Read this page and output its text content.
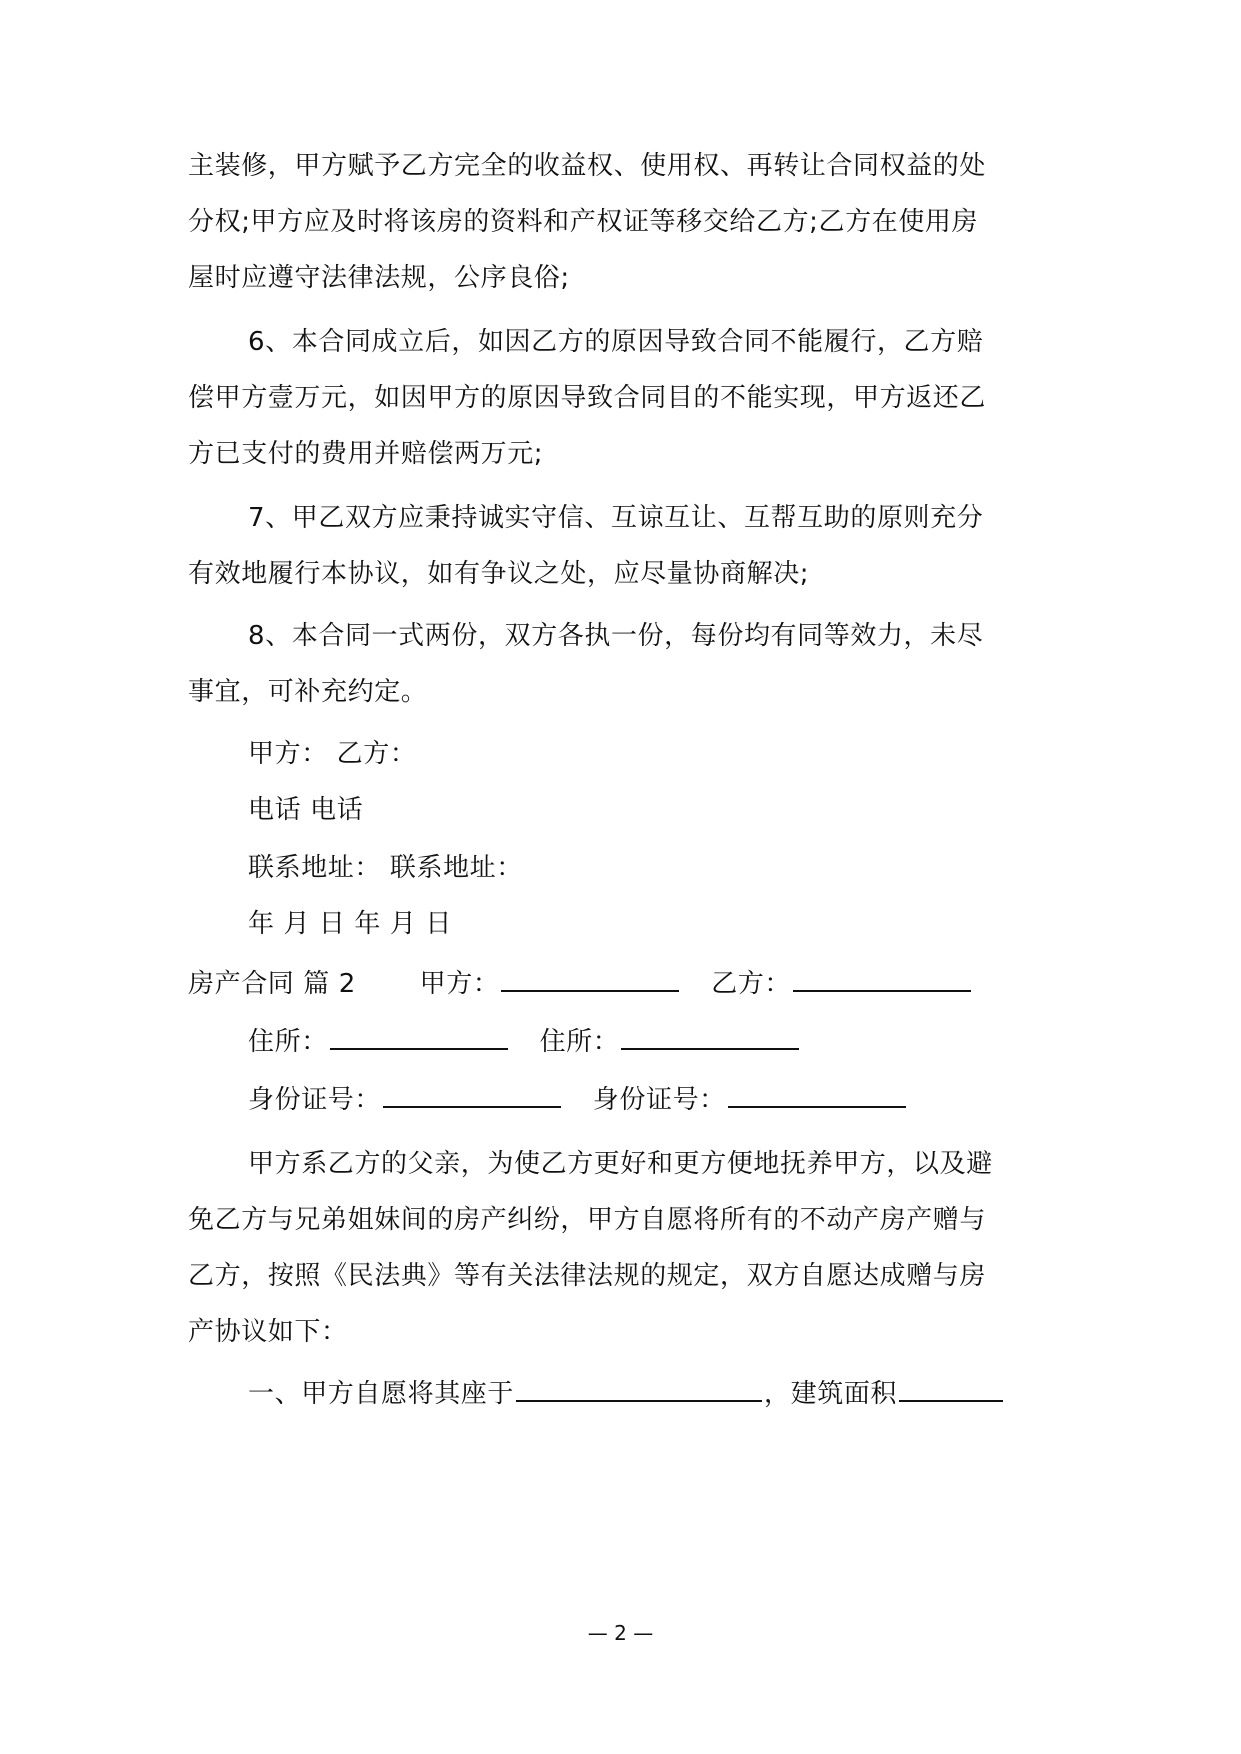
主装修，甲方赋予乙方完全的收益权、使用权、再转让合同权益的处
分权;甲方应及时将该房的资料和产权证等移交给乙方;乙方在使用房
屋时应遵守法律法规，公序良俗;
6、本合同成立后，如因乙方的原因导致合同不能履行，乙方赔
偿甲方壹万元，如因甲方的原因导致合同目的不能实现，甲方返还乙
方已支付的费用并赔偿两万元;
7、甲乙双方应秉持诚实守信、互谅互让、互帮互助的原则充分
有效地履行本协议，如有争议之处，应尽量协商解决;
8、本合同一式两份，双方各执一份，每份均有同等效力，未尽
事宜，可补充约定。
甲方： 乙方：
电话 电话
联系地址： 联系地址：
年 月 日 年 月 日
房产合同 篇 2 甲方：	乙方：
住所：	住所：
身份证号：	身份证号：
甲方系乙方的父亲，为使乙方更好和更方便地抚养甲方，以及避
免乙方与兄弟姐妹间的房产纠纷，甲方自愿将所有的不动产房产赠与
乙方，按照《民法典》等有关法律法规的规定，双方自愿达成赠与房
产协议如下：
一、甲方自愿将其座于	，建筑面积
— 2 —
